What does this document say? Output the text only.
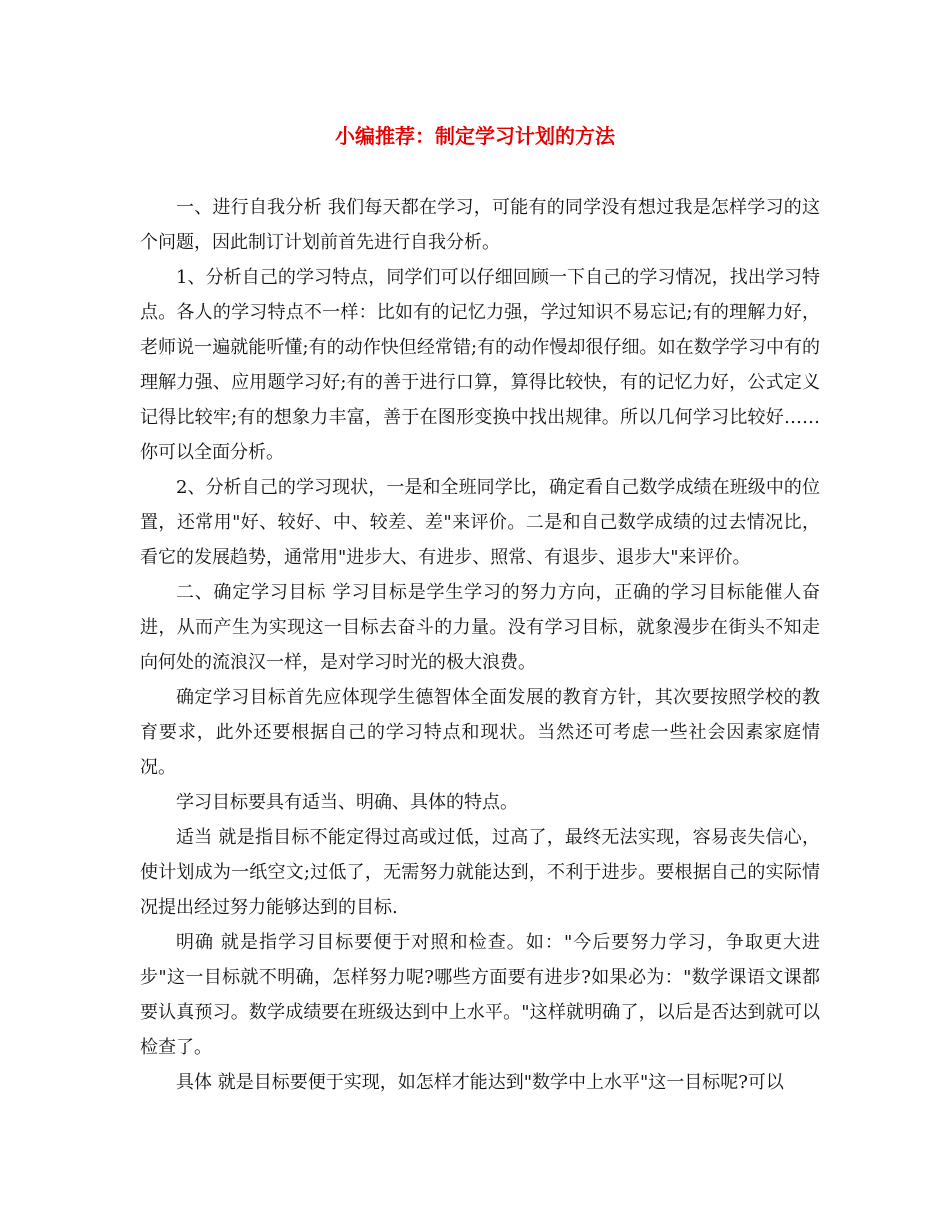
小编推荐：制定学习计划的方法

一、进行自我分析 我们每天都在学习，可能有的同学没有想过我是怎样学习的这个问题，因此制订计划前首先进行自我分析。

1、分析自己的学习特点，同学们可以仔细回顾一下自己的学习情况，找出学习特点。各人的学习特点不一样：比如有的记忆力强，学过知识不易忘记;有的理解力好，老师说一遍就能听懂;有的动作快但经常错;有的动作慢却很仔细。如在数学学习中有的理解力强、应用题学习好;有的善于进行口算，算得比较快，有的记忆力好，公式定义记得比较牢;有的想象力丰富，善于在图形变换中找出规律。所以几何学习比较好……你可以全面分析。

2、分析自己的学习现状，一是和全班同学比，确定看自己数学成绩在班级中的位置，还常用"好、较好、中、较差、差"来评价。二是和自己数学成绩的过去情况比，看它的发展趋势，通常用"进步大、有进步、照常、有退步、退步大"来评价。

二、确定学习目标 学习目标是学生学习的努力方向，正确的学习目标能催人奋进，从而产生为实现这一目标去奋斗的力量。没有学习目标，就象漫步在街头不知走向何处的流浪汉一样，是对学习时光的极大浪费。

确定学习目标首先应体现学生德智体全面发展的教育方针，其次要按照学校的教育要求，此外还要根据自己的学习特点和现状。当然还可考虑一些社会因素家庭情况。

学习目标要具有适当、明确、具体的特点。

适当 就是指目标不能定得过高或过低，过高了，最终无法实现，容易丧失信心，使计划成为一纸空文;过低了，无需努力就能达到，不利于进步。要根据自己的实际情况提出经过努力能够达到的目标.

明确 就是指学习目标要便于对照和检查。如："今后要努力学习，争取更大进步"这一目标就不明确，怎样努力呢?哪些方面要有进步?如果必为："数学课语文课都要认真预习。数学成绩要在班级达到中上水平。"这样就明确了，以后是否达到就可以检查了。

具体 就是目标要便于实现，如怎样才能达到"数学中上水平"这一目标呢?可以
